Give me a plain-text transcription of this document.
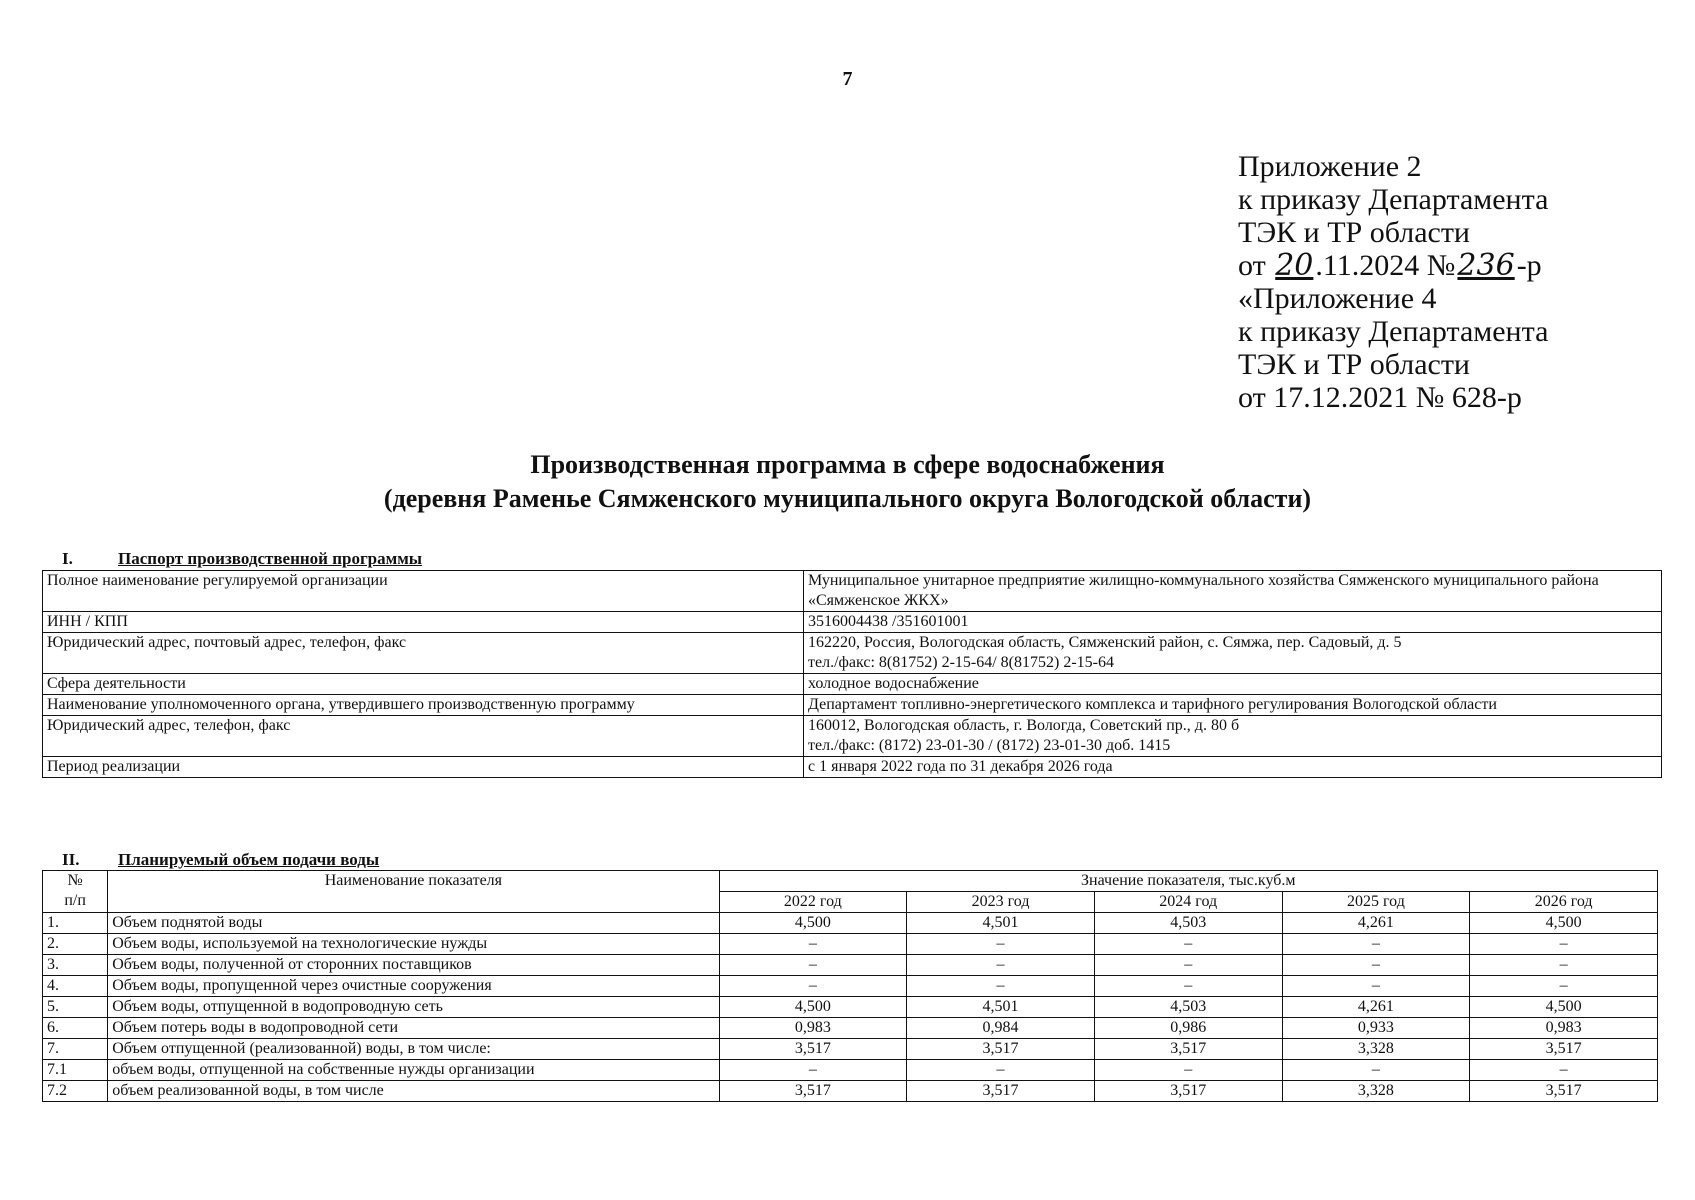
7
Приложение 2
к приказу Департамента
ТЭК и ТР области
от 20.11.2024 №236-р
«Приложение 4
к приказу Департамента
ТЭК и ТР области
от 17.12.2021 № 628-р
Производственная программа в сфере водоснабжения
(деревня Раменье Сямженского муниципального округа Вологодской области)
I.	Паспорт производственной программы
Полное наименование регулируемой организации	Муниципальное унитарное предприятие жилищно-коммунального хозяйства Сямженского муниципального района «Сямженское ЖКХ»

ИНН / КПП	3516004438 /351601001

Юридический адрес, почтовый адрес, телефон, факс	162220, Россия, Вологодская область, Сямженский район, с. Сямжа, пер. Садовый, д. 5
тел./факс: 8(81752) 2-15-64/ 8(81752) 2-15-64

Сфера деятельности	холодное водоснабжение

Наименование уполномоченного органа, утвердившего производственную программу	Департамент топливно-энергетического комплекса и тарифного регулирования Вологодской области

Юридический адрес, телефон, факс	160012, Вологодская область, г. Вологда, Советский пр., д. 80 б
тел./факс: (8172) 23-01-30 / (8172) 23-01-30 доб. 1415

Период реализации	с 1 января 2022 года по 31 декабря 2026 года
II. Планируемый объем подачи воды
№
п/п	Наименование показателя	Значение показателя, тыс.куб.м				
		2022 год	2023 год	2024 год	2025 год	2026 год
1.	Объем поднятой воды	4,500	4,501	4,503	4,261	4,500
2.	Объем воды, используемой на технологические нужды	–	–	–	–	–
3.	Объем воды, полученной от сторонних поставщиков	–	–	–	–	–
4.	Объем воды, пропущенной через очистные сооружения	–	–	–	–	–
5.	Объем воды, отпущенной в водопроводную сеть	4,500	4,501	4,503	4,261	4,500
6.	Объем потерь воды в водопроводной сети	0,983	0,984	0,986	0,933	0,983
7.	Объем отпущенной (реализованной) воды, в том числе:	3,517	3,517	3,517	3,328	3,517
7.1	объем воды, отпущенной на собственные нужды организации	–	–	–	–	–
7.2	объем реализованной воды, в том числе	3,517	3,517	3,517	3,328	3,517
